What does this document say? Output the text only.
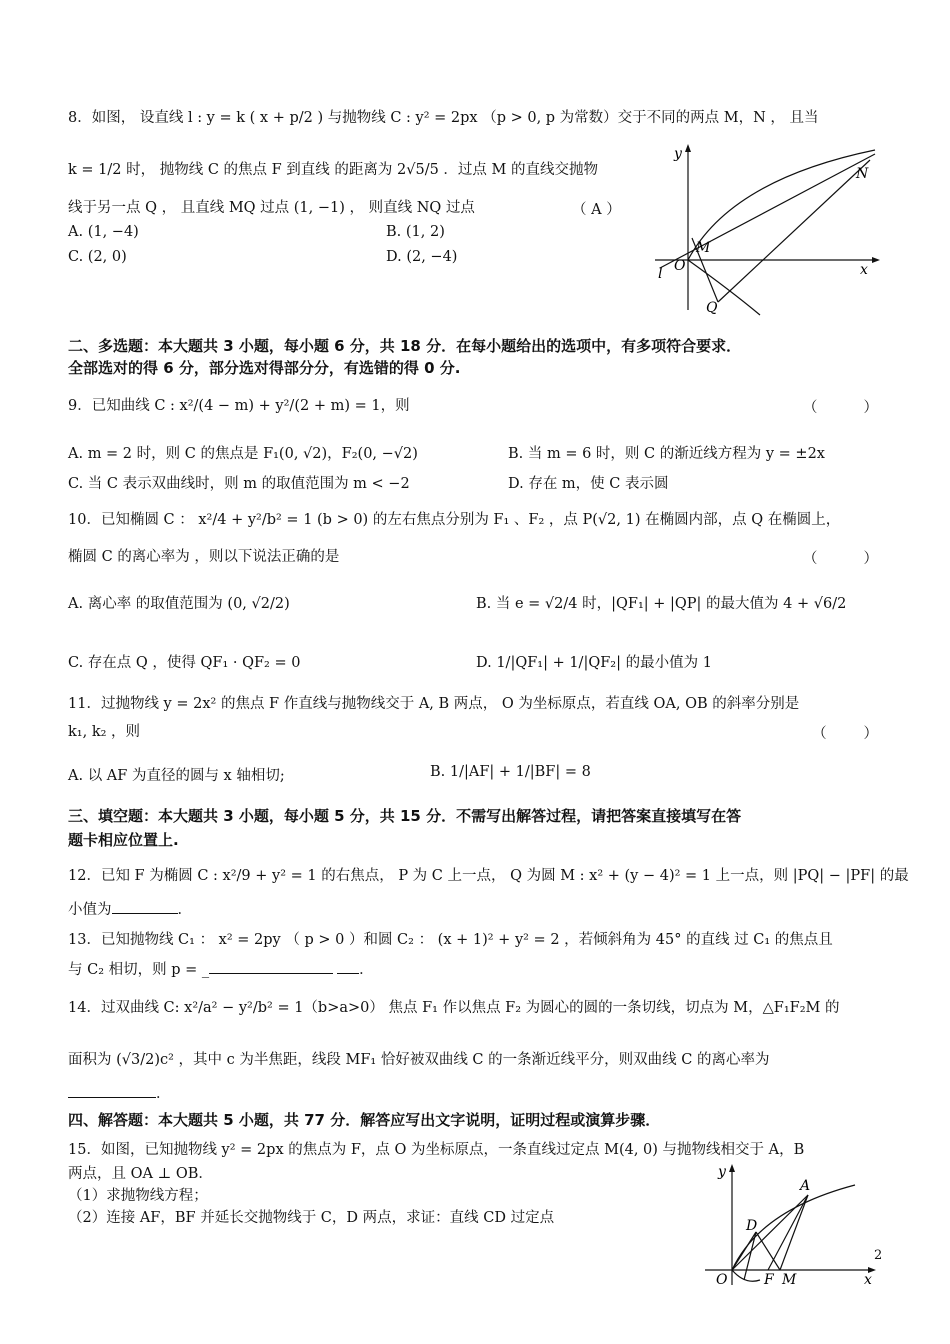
8．如图， 设直线 l : y = k ( x + p/2 ) 与抛物线 C : y² = 2px （p > 0, p 为常数）交于不同的两点 M，N ， 且当
k = 1/2 时， 抛物线 C 的焦点 F 到直线 的距离为 2√5/5 ．过点 M 的直线交抛物
线于另一点 Q ， 且直线 MQ 过点 (1, −1) ， 则直线 NQ 过点	（ A ）
A. (1, −4)	B. (1, 2)
C. (2, 0)	D. (2, −4)
y
x
N
M
O
l
Q
二、多选题：本大题共 3 小题，每小题 6 分，共 18 分．在每小题给出的选项中，有多项符合要求．
全部选对的得 6 分，部分选对得部分分，有选错的得 0 分.
9．已知曲线 C : x²/(4 − m) + y²/(2 + m) = 1，则	（          ）
A. m = 2 时，则 C 的焦点是 F₁(0, √2)，F₂(0, −√2)	B. 当 m = 6 时，则 C 的渐近线方程为 y = ±2x
C. 当 C 表示双曲线时，则 m 的取值范围为 m < −2	D. 存在 m，使 C 表示圆
10．已知椭圆 C ： x²/4 + y²/b² = 1 (b > 0) 的左右焦点分别为 F₁ 、F₂ ，点 P(√2, 1) 在椭圆内部，点 Q 在椭圆上，
椭圆 C 的离心率为 ，则以下说法正确的是	（          ）
A. 离心率 的取值范围为 (0, √2/2)	B. 当 e = √2/4 时，|QF₁| + |QP| 的最大值为 4 + √6/2
C. 存在点 Q ，使得 QF₁ · QF₂ = 0	D. 1/|QF₁| + 1/|QF₂| 的最小值为 1
11．过抛物线 y = 2x² 的焦点 F 作直线与抛物线交于 A, B 两点， O 为坐标原点，若直线 OA, OB 的斜率分别是
k₁, k₂ ，则	（        ）
A. 以 AF 为直径的圆与 x 轴相切;	B. 1/|AF| + 1/|BF| = 8
三、填空题：本大题共 3 小题，每小题 5 分，共 15 分．不需写出解答过程，请把答案直接填写在答
题卡相应位置上.
12．已知 F 为椭圆 C : x²/9 + y² = 1 的右焦点， P 为 C 上一点， Q 为圆 M : x² + (y − 4)² = 1 上一点，则 |PQ| − |PF| 的最
小值为	．
13．已知抛物线 C₁ ： x² = 2py （ p > 0 ）和圆 C₂ ： (x + 1)² + y² = 2 ，若倾斜角为 45° 的直线 过 C₁ 的焦点且
与 C₂ 相切，则 p = _	．
14．过双曲线 C: x²/a² − y²/b² = 1（b>a>0） 焦点 F₁ 作以焦点 F₂ 为圆心的圆的一条切线，切点为 M，△F₁F₂M 的
面积为 (√3/2)c² ，其中 c 为半焦距，线段 MF₁ 恰好被双曲线 C 的一条渐近线平分，则双曲线 C 的离心率为
．
四、解答题：本大题共 5 小题，共 77 分．解答应写出文字说明，证明过程或演算步骤．
15．如图，已知抛物线 y² = 2px 的焦点为 F，点 O 为坐标原点，一条直线过定点 M(4, 0) 与抛物线相交于 A，B
两点，且 OA ⊥ OB．
（1）求抛物线方程；
（2）连接 AF，BF 并延长交抛物线于 C，D 两点，求证：直线 CD 过定点
y
x
A
D
O	F M
2
